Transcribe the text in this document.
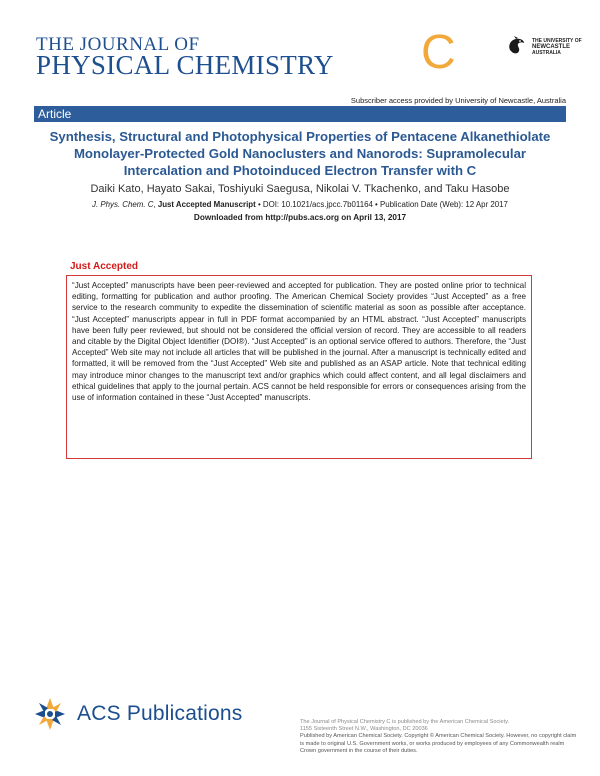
THE JOURNAL OF
PHYSICAL CHEMISTRY C	THE UNIVERSITY OF
NEWCASTLE
AUSTRALIA
Subscriber access provided by University of Newcastle, Australia
Article
Synthesis, Structural and Photophysical Properties of Pentacene Alkanethiolate Monolayer-Protected Gold Nanoclusters and Nanorods: Supramolecular Intercalation and Photoinduced Electron Transfer with C
Daiki Kato, Hayato Sakai, Toshiyuki Saegusa, Nikolai V. Tkachenko, and Taku Hasobe
J. Phys. Chem. C, Just Accepted Manuscript • DOI: 10.1021/acs.jpcc.7b01164 • Publication Date (Web): 12 Apr 2017
Downloaded from http://pubs.acs.org on April 13, 2017
Just Accepted
“Just Accepted” manuscripts have been peer-reviewed and accepted for publication. They are posted online prior to technical editing, formatting for publication and author proofing. The American Chemical Society provides “Just Accepted” as a free service to the research community to expedite the dissemination of scientific material as soon as possible after acceptance. “Just Accepted” manuscripts appear in full in PDF format accompanied by an HTML abstract. “Just Accepted” manuscripts have been fully peer reviewed, but should not be considered the official version of record. They are accessible to all readers and citable by the Digital Object Identifier (DOI®). “Just Accepted” is an optional service offered to authors. Therefore, the “Just Accepted” Web site may not include all articles that will be published in the journal. After a manuscript is technically edited and formatted, it will be removed from the “Just Accepted” Web site and published as an ASAP article. Note that technical editing may introduce minor changes to the manuscript text and/or graphics which could affect content, and all legal disclaimers and ethical guidelines that apply to the journal pertain. ACS cannot be held responsible for errors or consequences arising from the use of information contained in these “Just Accepted” manuscripts.
ACS Publications	The Journal of Physical Chemistry C is published by the American Chemical Society.
1155 Sixteenth Street N.W., Washington, DC 20036
Published by American Chemical Society. Copyright © American Chemical Society. However, no copyright claim is made to original U.S. Government works, or works produced by employees of any Commonwealth realm Crown government in the course of their duties.
